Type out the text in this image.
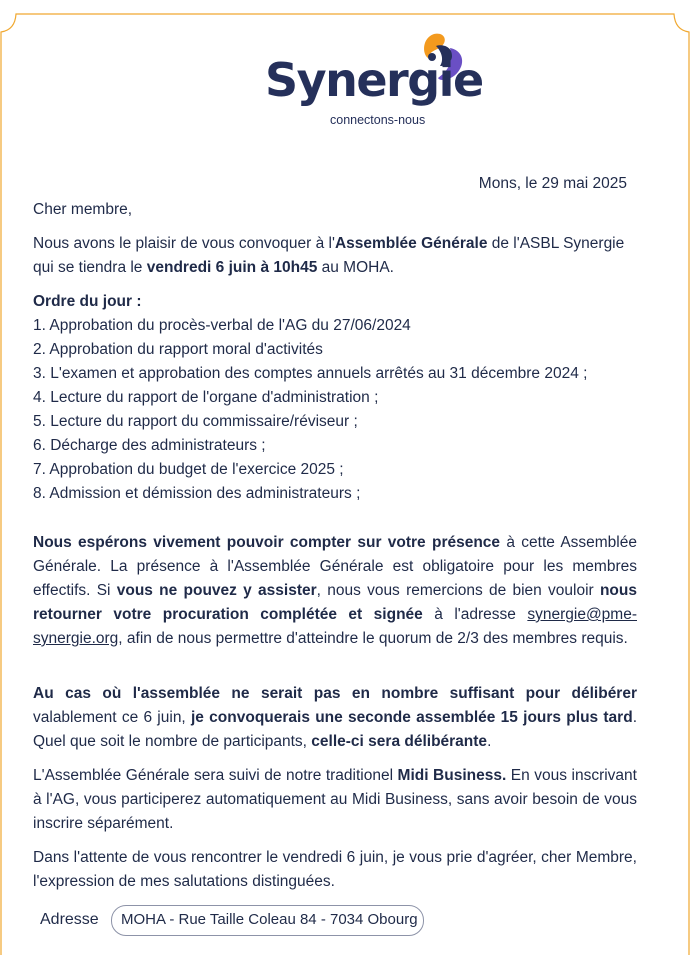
Synergie
connectons-nous
Mons, le 29 mai 2025
Cher membre,
Nous avons le plaisir de vous convoquer à l'Assemblée Générale de l'ASBL Synergie qui se tiendra le vendredi 6 juin à 10h45 au MOHA.
Ordre du jour :
1. Approbation du procès-verbal de l'AG du 27/06/2024
2. Approbation du rapport moral d'activités
3. L'examen et approbation des comptes annuels arrêtés au 31 décembre 2024 ;
4. Lecture du rapport de l'organe d'administration ;
5. Lecture du rapport du commissaire/réviseur ;
6. Décharge des administrateurs ;
7. Approbation du budget de l'exercice 2025 ;
8. Admission et démission des administrateurs ;
Nous espérons vivement pouvoir compter sur votre présence à cette Assemblée Générale. La présence à l'Assemblée Générale est obligatoire pour les membres effectifs. Si vous ne pouvez y assister, nous vous remercions de bien vouloir nous retourner votre procuration complétée et signée à l'adresse synergie@pme-synergie.org, afin de nous permettre d'atteindre le quorum de 2/3 des membres requis.
Au cas où l'assemblée ne serait pas en nombre suffisant pour délibérer valablement ce 6 juin, je convoquerais une seconde assemblée 15 jours plus tard. Quel que soit le nombre de participants, celle-ci sera délibérante.
L'Assemblée Générale sera suivi de notre traditionel Midi Business. En vous inscrivant à l'AG, vous participerez automatiquement au Midi Business, sans avoir besoin de vous inscrire séparément.
Dans l'attente de vous rencontrer le vendredi 6 juin, je vous prie d'agréer, cher Membre, l'expression de mes salutations distinguées.
Adresse	MOHA - Rue Taille Coleau 84 - 7034 Obourg
